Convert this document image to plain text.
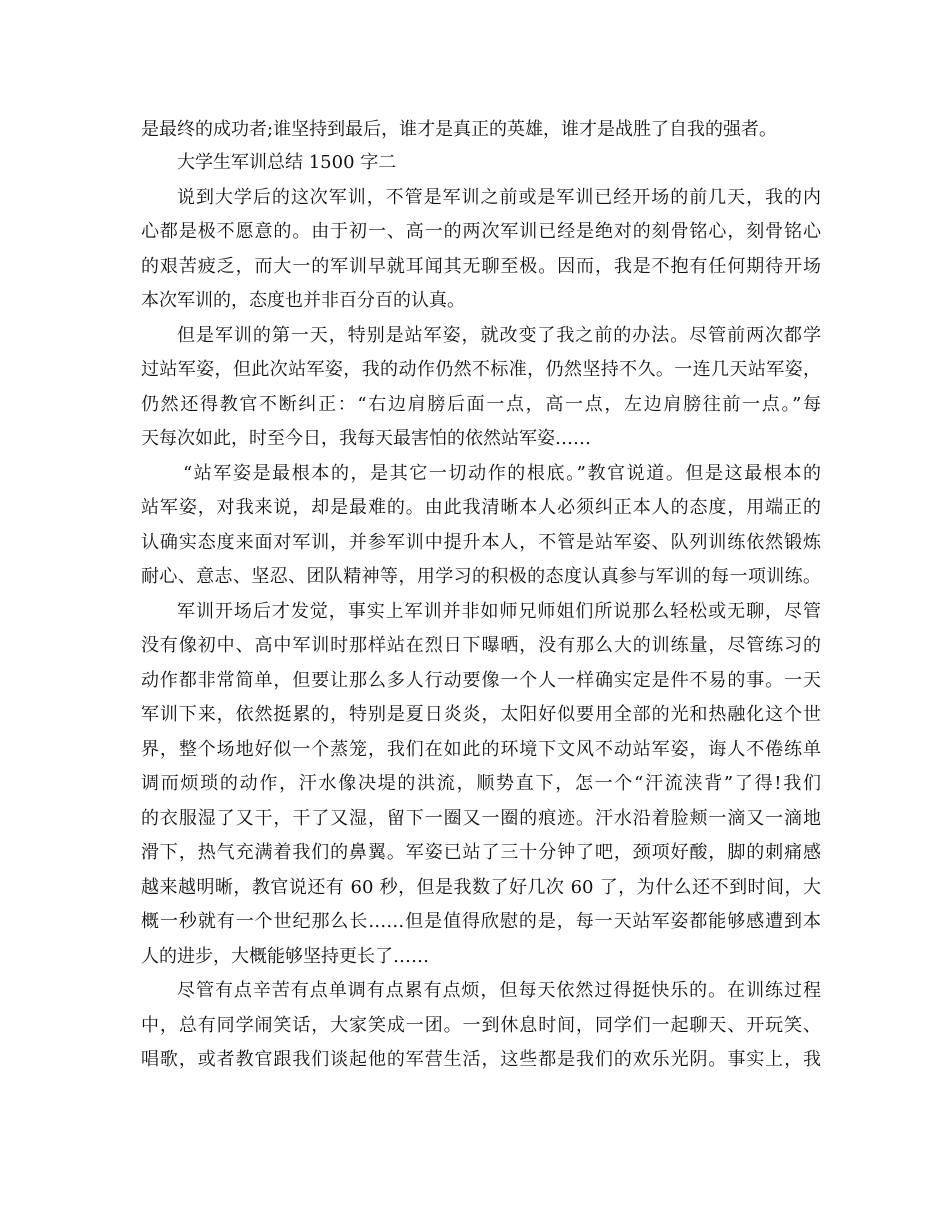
是最终的成功者;谁坚持到最后，谁才是真正的英雄，谁才是战胜了自我的强者。
大学生军训总结 1500 字二
说到大学后的这次军训，不管是军训之前或是军训已经开场的前几天，我的内
心都是极不愿意的。由于初一、高一的两次军训已经是绝对的刻骨铭心，刻骨铭心
的艰苦疲乏，而大一的军训早就耳闻其无聊至极。因而，我是不抱有任何期待开场
本次军训的，态度也并非百分百的认真。
但是军训的第一天，特别是站军姿，就改变了我之前的办法。尽管前两次都学
过站军姿，但此次站军姿，我的动作仍然不标准，仍然坚持不久。一连几天站军姿，
仍然还得教官不断纠正：“右边肩膀后面一点，高一点，左边肩膀往前一点。”每
天每次如此，时至今日，我每天最害怕的依然站军姿……
“站军姿是最根本的，是其它一切动作的根底。”教官说道。但是这最根本的
站军姿，对我来说，却是最难的。由此我清晰本人必须纠正本人的态度，用端正的
认确实态度来面对军训，并参军训中提升本人，不管是站军姿、队列训练依然锻炼
耐心、意志、坚忍、团队精神等，用学习的积极的态度认真参与军训的每一项训练。
军训开场后才发觉，事实上军训并非如师兄师姐们所说那么轻松或无聊，尽管
没有像初中、高中军训时那样站在烈日下曝晒，没有那么大的训练量，尽管练习的
动作都非常简单，但要让那么多人行动要像一个人一样确实定是件不易的事。一天
军训下来，依然挺累的，特别是夏日炎炎，太阳好似要用全部的光和热融化这个世
界，整个场地好似一个蒸笼，我们在如此的环境下文风不动站军姿，诲人不倦练单
调而烦琐的动作，汗水像决堤的洪流，顺势直下，怎一个“汗流浃背”了得!我们
的衣服湿了又干，干了又湿，留下一圈又一圈的痕迹。汗水沿着脸颊一滴又一滴地
滑下，热气充满着我们的鼻翼。军姿已站了三十分钟了吧，颈项好酸，脚的刺痛感
越来越明晰，教官说还有 60 秒，但是我数了好几次 60 了，为什么还不到时间，大
概一秒就有一个世纪那么长……但是值得欣慰的是，每一天站军姿都能够感遭到本
人的进步，大概能够坚持更长了……
尽管有点辛苦有点单调有点累有点烦，但每天依然过得挺快乐的。在训练过程
中，总有同学闹笑话，大家笑成一团。一到休息时间，同学们一起聊天、开玩笑、
唱歌，或者教官跟我们谈起他的军营生活，这些都是我们的欢乐光阴。事实上，我
